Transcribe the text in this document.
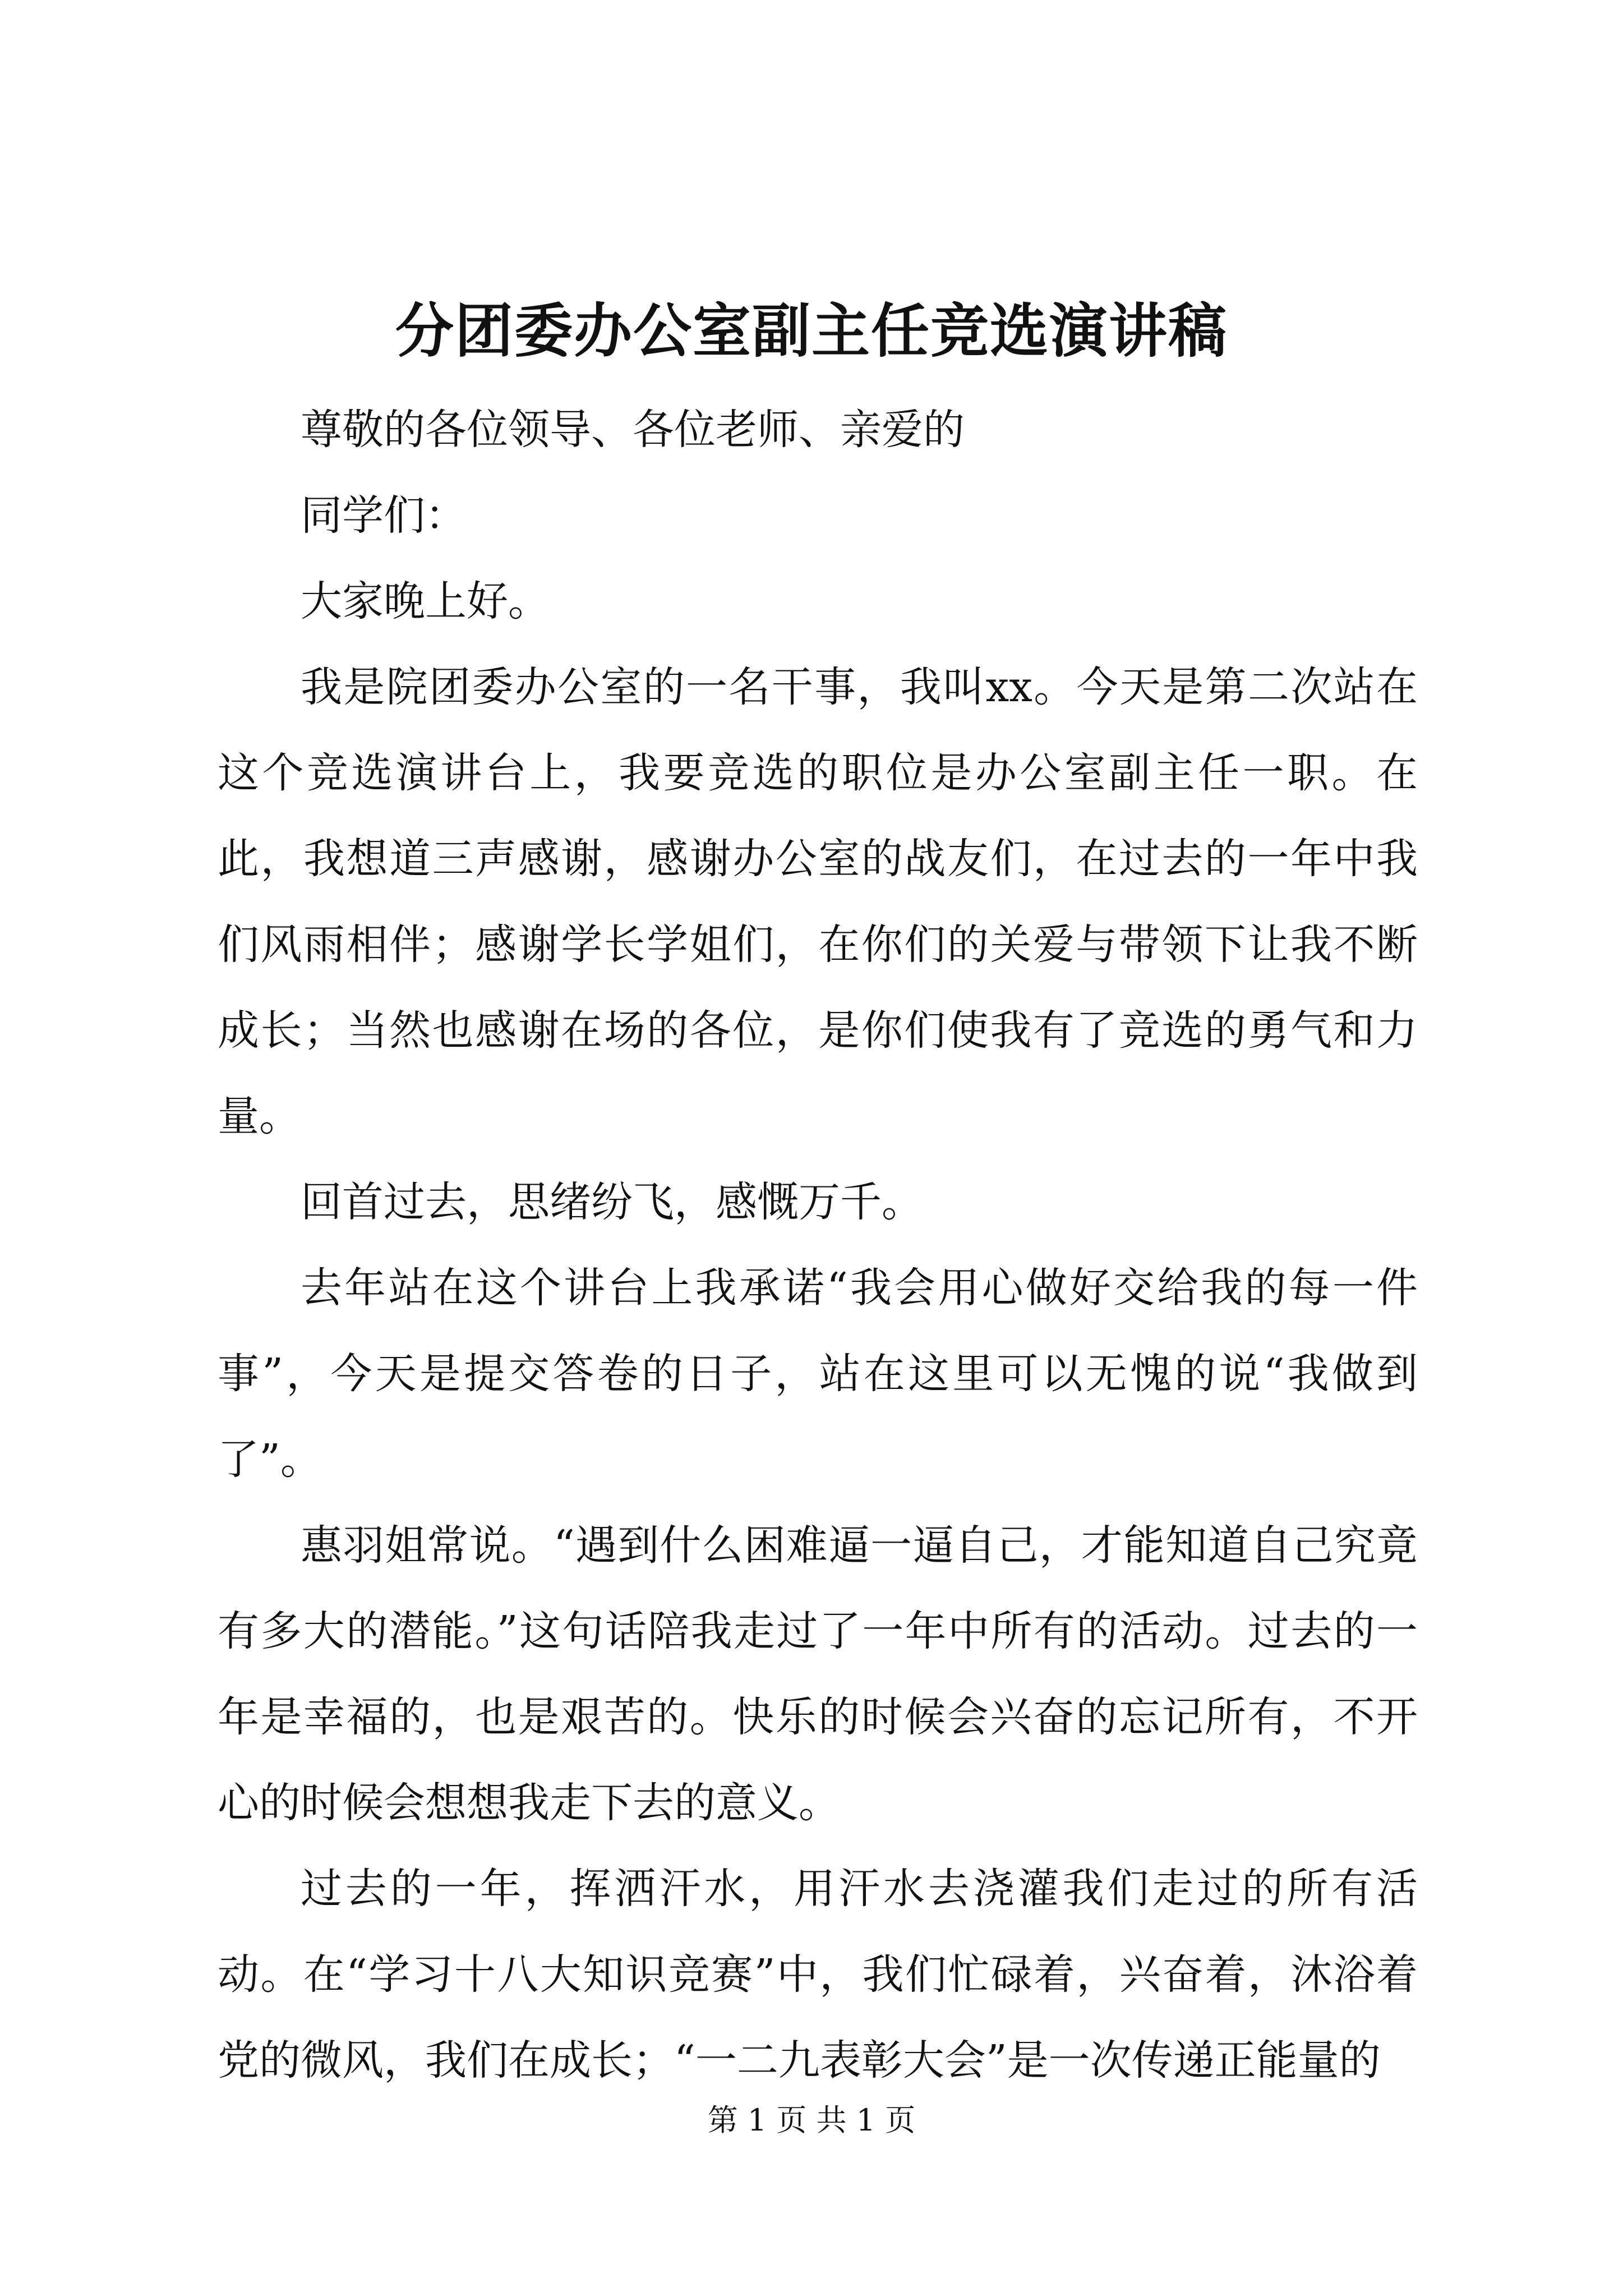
分团委办公室副主任竞选演讲稿

尊敬的各位领导、各位老师、亲爱的

同学们：

大家晚上好。

我是院团委办公室的一名干事，我叫xx。今天是第二次站在这个竞选演讲台上，我要竞选的职位是办公室副主任一职。在此，我想道三声感谢，感谢办公室的战友们，在过去的一年中我们风雨相伴；感谢学长学姐们，在你们的关爱与带领下让我不断成长；当然也感谢在场的各位，是你们使我有了竞选的勇气和力量。

回首过去，思绪纷飞，感慨万千。

去年站在这个讲台上我承诺“我会用心做好交给我的每一件事”，今天是提交答卷的日子，站在这里可以无愧的说“我做到了”。

惠羽姐常说。“遇到什么困难逼一逼自己，才能知道自己究竟有多大的潜能。”这句话陪我走过了一年中所有的活动。过去的一年是幸福的，也是艰苦的。快乐的时候会兴奋的忘记所有，不开心的时候会想想我走下去的意义。

过去的一年，挥洒汗水，用汗水去浇灌我们走过的所有活动。在“学习十八大知识竞赛”中，我们忙碌着，兴奋着，沐浴着党的微风，我们在成长；“一二九表彰大会”是一次传递正能量的

第 1 页 共 1 页
